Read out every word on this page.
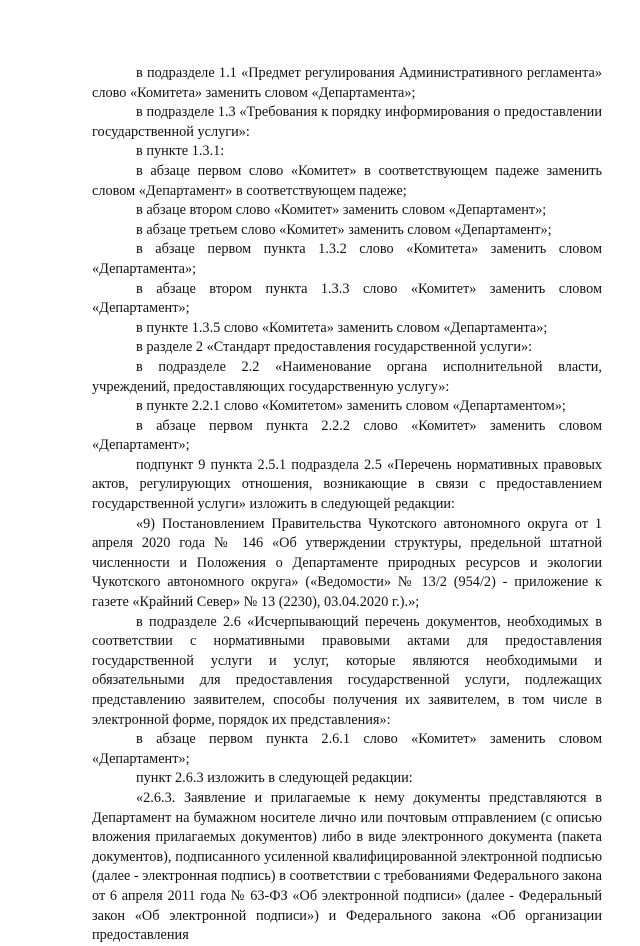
в подразделе 1.1 «Предмет регулирования Административного регламента» слово «Комитета» заменить словом «Департамента»;

в подразделе 1.3 «Требования к порядку информирования о предоставлении государственной услуги»:

в пункте 1.3.1:

в абзаце первом слово «Комитет» в соответствующем падеже заменить словом «Департамент» в соответствующем падеже;

в абзаце втором слово «Комитет» заменить словом «Департамент»;

в абзаце третьем слово «Комитет» заменить словом «Департамент»;

в абзаце первом пункта 1.3.2 слово «Комитета» заменить словом «Департамента»;

в абзаце втором пункта 1.3.3 слово «Комитет» заменить словом «Департамент»;

в пункте 1.3.5 слово «Комитета» заменить словом «Департамента»;

в разделе 2 «Стандарт предоставления государственной услуги»:

в подразделе 2.2 «Наименование органа исполнительной власти, учреждений, предоставляющих государственную услугу»:

в пункте 2.2.1 слово «Комитетом» заменить словом «Департаментом»;

в абзаце первом пункта 2.2.2 слово «Комитет» заменить словом «Департамент»;

подпункт 9 пункта 2.5.1 подраздела 2.5 «Перечень нормативных правовых актов, регулирующих отношения, возникающие в связи с предоставлением государственной услуги» изложить в следующей редакции:

«9) Постановлением Правительства Чукотского автономного округа от 1 апреля 2020 года № 146 «Об утверждении структуры, предельной штатной численности и Положения о Департаменте природных ресурсов и экологии Чукотского автономного округа» («Ведомости» № 13/2 (954/2) - приложение к газете «Крайний Север» № 13 (2230), 03.04.2020 г.).»;

в подразделе 2.6 «Исчерпывающий перечень документов, необходимых в соответствии с нормативными правовыми актами для предоставления государственной услуги и услуг, которые являются необходимыми и обязательными для предоставления государственной услуги, подлежащих представлению заявителем, способы получения их заявителем, в том числе в электронной форме, порядок их представления»:

в абзаце первом пункта 2.6.1 слово «Комитет» заменить словом «Департамент»;

пункт 2.6.3 изложить в следующей редакции:

«2.6.3. Заявление и прилагаемые к нему документы представляются в Департамент на бумажном носителе лично или почтовым отправлением (с описью вложения прилагаемых документов) либо в виде электронного документа (пакета документов), подписанного усиленной квалифицированной электронной подписью (далее - электронная подпись) в соответствии с требованиями Федерального закона от 6 апреля 2011 года № 63-ФЗ «Об электронной подписи» (далее - Федеральный закон «Об электронной подписи») и Федерального закона «Об организации предоставления
